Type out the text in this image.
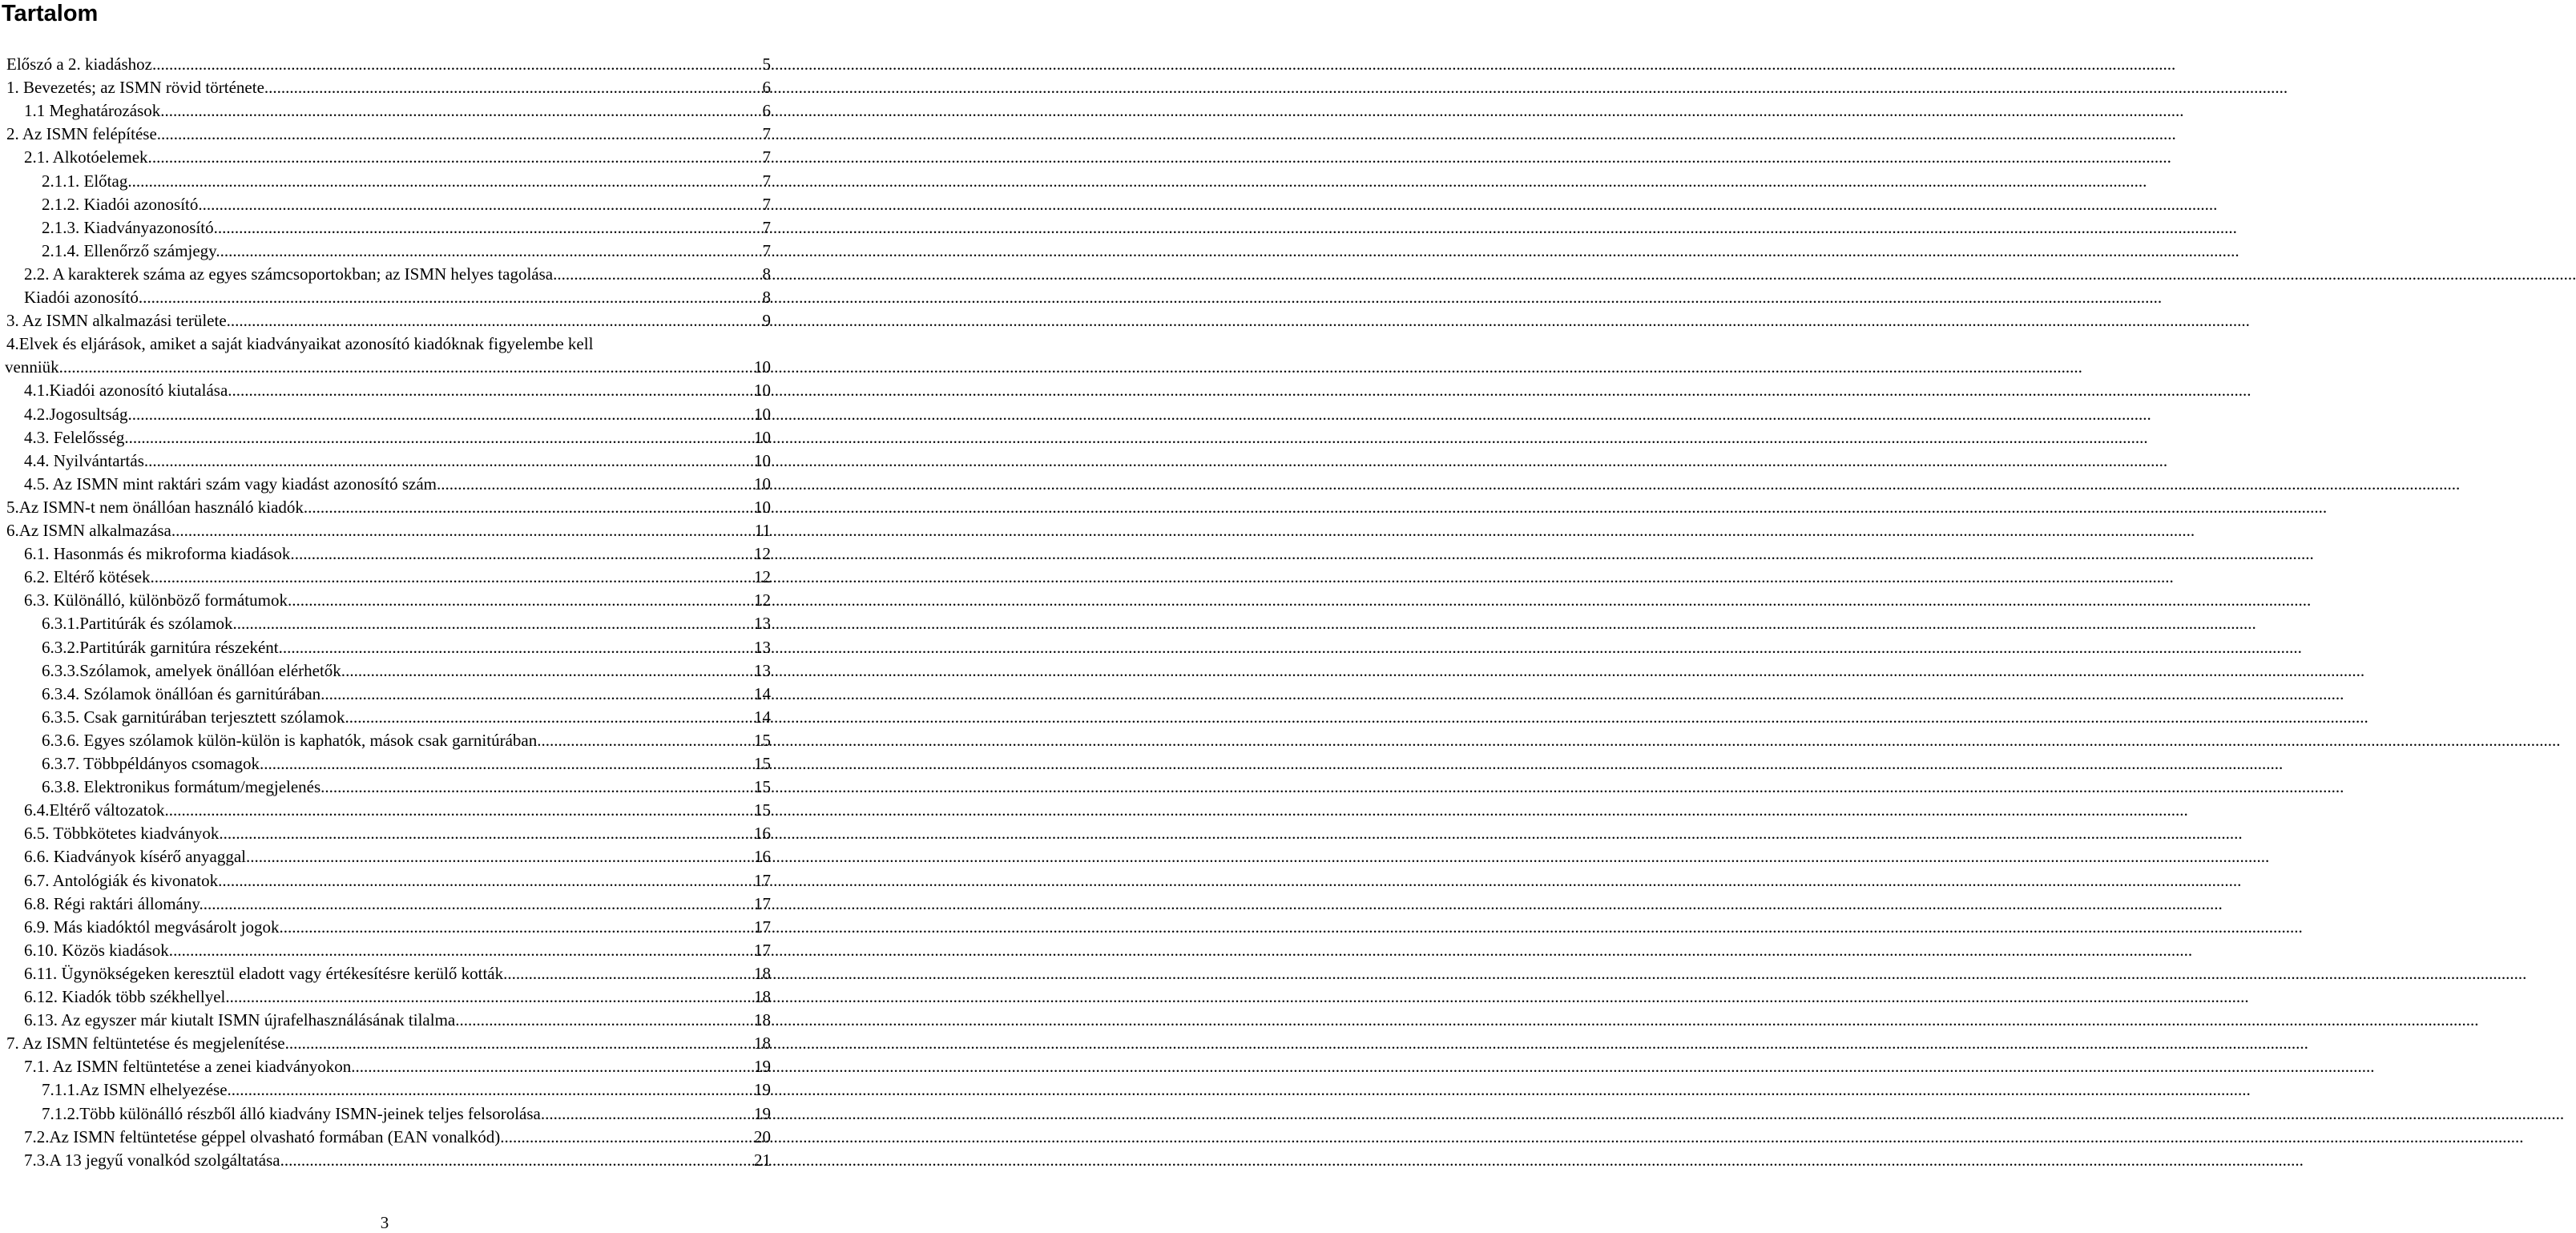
Tartalom
Előszó a 2. kiadáshoz. .....	5
1. Bevezetés; az ISMN rövid története. .....	6
1.1 Meghatározások. .....	6
2. Az ISMN felépítése .....	7
2.1. Alkotóelemek. .....	7
2.1.1. Előtag .....	7
2.1.2. Kiadói azonosító .....	7
2.1.3. Kiadványazonosító. .....	7
2.1.4. Ellenőrző számjegy. .....	7
2.2. A karakterek száma az egyes számcsoportokban; az ISMN helyes tagolása. .....	8
Kiadói azonosító. .....	8
3. Az ISMN alkalmazási területe. .....	9
4.Elvek és eljárások, amiket a saját kiadványaikat azonosító kiadóknak figyelembe kell
venniük. .....	10
4.1.Kiadói azonosító kiutalása. .....	10
4.2.Jogosultság. .....	10
4.3. Felelősség. .....	10
4.4. Nyilvántartás. .....	10
4.5. Az ISMN mint raktári szám vagy kiadást azonosító szám. .....	10
5.Az ISMN-t nem önállóan használó kiadók. .....	10
6.Az ISMN alkalmazása. .....	11
6.1. Hasonmás és mikroforma kiadások. .....	12
6.2. Eltérő kötések. .....	12
6.3. Különálló, különböző formátumok. .....	12
6.3.1.Partitúrák és szólamok. .....	13
6.3.2.Partitúrák garnitúra részeként. .....	13
6.3.3.Szólamok, amelyek önállóan elérhetők. .....	13
6.3.4. Szólamok önállóan és garnitúrában. .....	14
6.3.5. Csak garnitúrában terjesztett szólamok. .....	14
6.3.6. Egyes szólamok külön-külön is kaphatók, mások csak garnitúrában. .....	15
6.3.7. Többpéldányos csomagok. .....	15
6.3.8. Elektronikus formátum/megjelenés. .....	15
6.4.Eltérő változatok. .....	15
6.5. Többkötetes kiadványok. .....	16
6.6. Kiadványok kísérő anyaggal. .....	16
6.7. Antológiák és kivonatok. .....	17
6.8. Régi raktári állomány. .....	17
6.9. Más kiadóktól megvásárolt jogok. .....	17
6.10. Közös kiadások. .....	17
6.11. Ügynökségeken keresztül eladott vagy értékesítésre kerülő kották. .....	18
6.12. Kiadók több székhellyel. .....	18
6.13. Az egyszer már kiutalt ISMN újrafelhasználásának tilalma. .....	18
7. Az ISMN feltüntetése és megjelenítése. .....	18
7.1. Az ISMN feltüntetése a zenei kiadványokon. .....	19
7.1.1.Az ISMN elhelyezése. .....	19
7.1.2.Több különálló részből álló kiadvány ISMN-jeinek teljes felsorolása. .....	19
7.2.Az ISMN feltüntetése géppel olvasható formában (EAN vonalkód). .....	20
7.3.A 13 jegyű vonalkód szolgáltatása. .....	21
3
